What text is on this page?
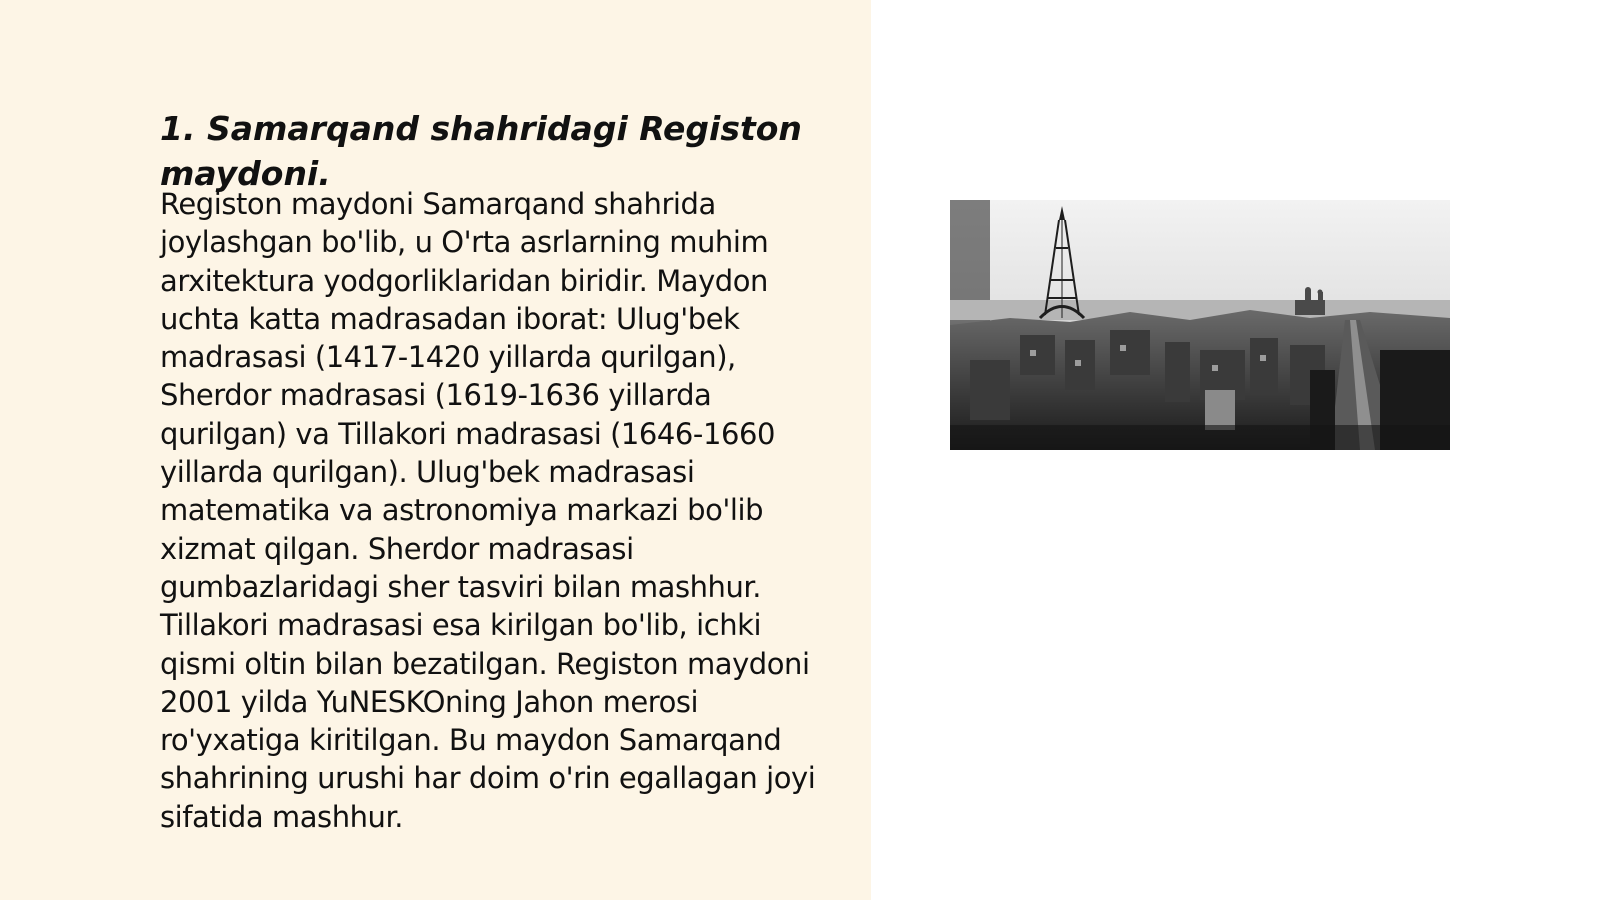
1. Samarqand shahridagi Registon maydoni.

Registon maydoni Samarqand shahrida joylashgan bo'lib, u O'rta asrlarning muhim arxitektura yodgorliklaridan biridir. Maydon uchta katta madrasadan iborat: Ulug'bek madrasasi (1417-1420 yillarda qurilgan), Sherdor madrasasi (1619-1636 yillarda qurilgan) va Tillakori madrasasi (1646-1660 yillarda qurilgan). Ulug'bek madrasasi matematika va astronomiya markazi bo'lib xizmat qilgan. Sherdor madrasasi gumbazlaridagi sher tasviri bilan mashhur. Tillakori madrasasi esa kirilgan bo'lib, ichki qismi oltin bilan bezatilgan. Registon maydoni 2001 yilda YuNESKOning Jahon merosi ro'yxatiga kiritilgan. Bu maydon Samarqand shahrining urushi har doim o'rin egallagan joyi sifatida mashhur.
